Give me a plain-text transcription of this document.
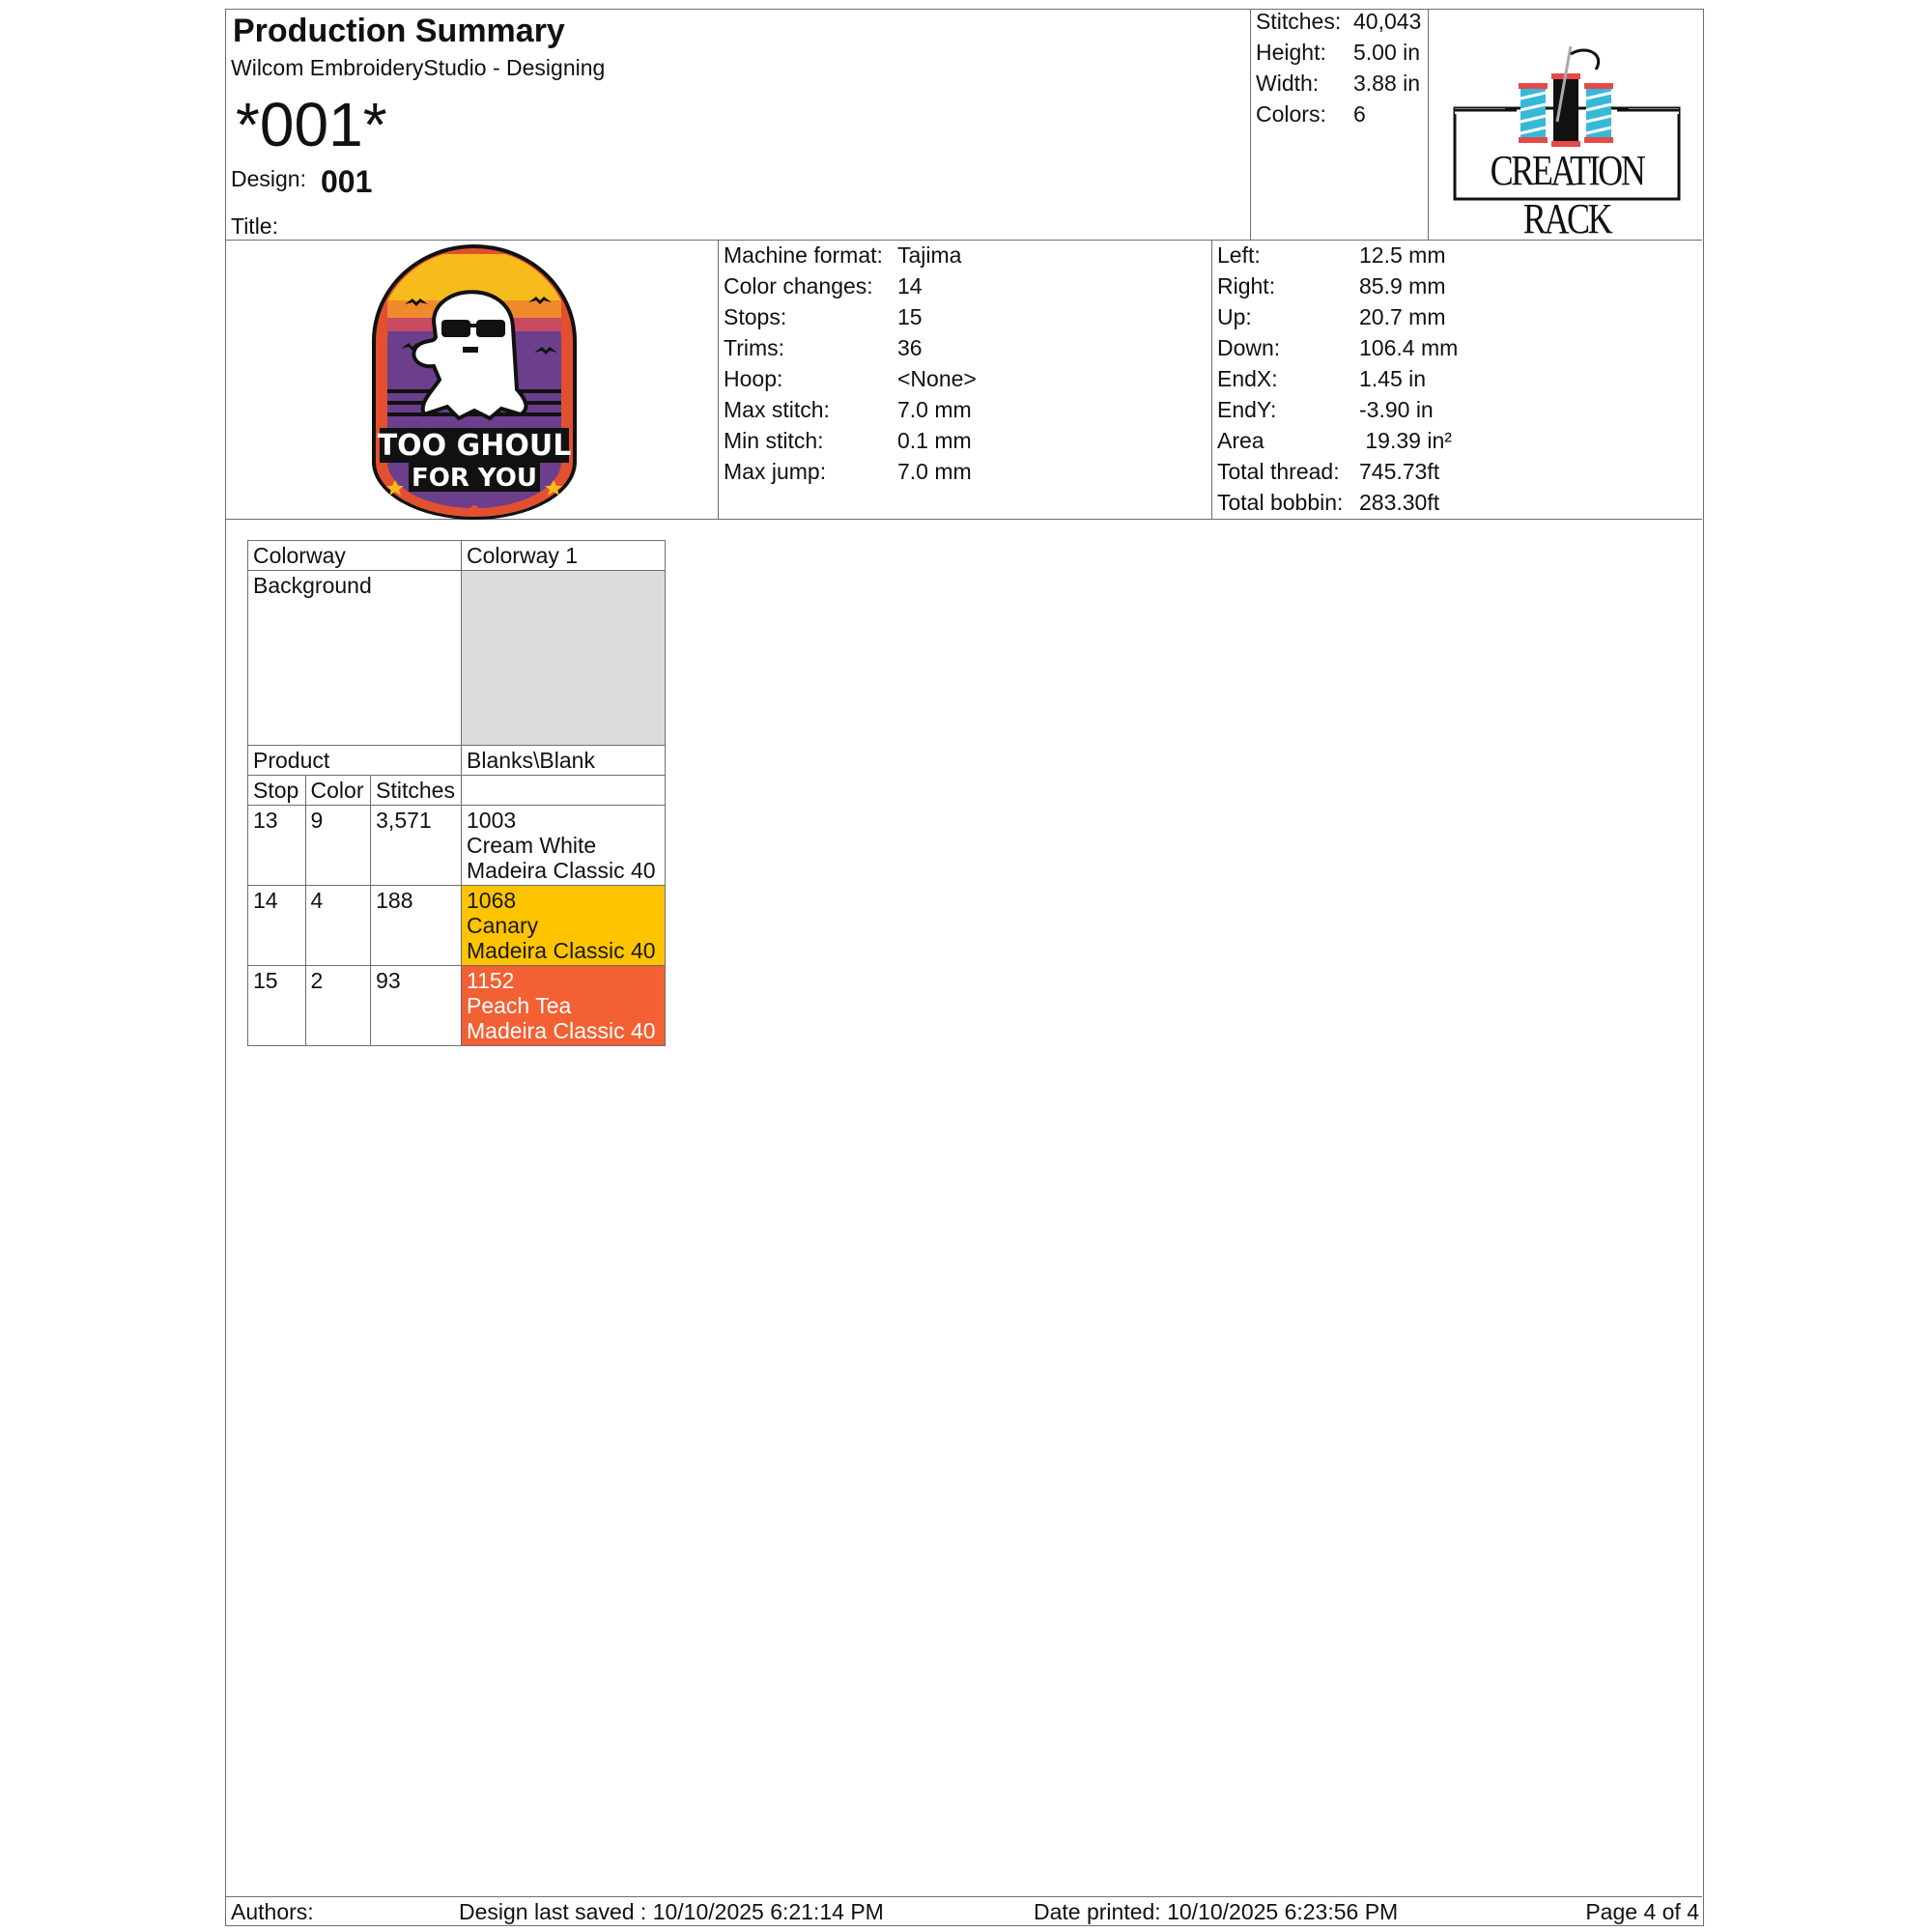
Production Summary
Wilcom EmbroideryStudio - Designing
*001*
Design: 001
Title:
Stitches: 40,043
Height:	5.00 in
Width:	3.88 in
Colors:	6
CREATION RACK
TOO GHOUL
FOR YOU
Machine format: Tajima
Color changes:	14
Stops:	15
Trims:	36
Hoop:	<None>
Max stitch:	7.0 mm
Min stitch:	0.1 mm
Max jump:	7.0 mm
Left:	12.5 mm
Right:	85.9 mm
Up:	20.7 mm
Down:	106.4 mm
EndX:	1.45 in
EndY:	-3.90 in
Area	19.39 in²
Total thread: 745.73ft
Total bobbin: 283.30ft
Colorway			Colorway 1
Background			
Product			Blanks\Blank
Stop	Color	Stitches	
13	9	3,571	1003
Cream White
Madeira Classic 40

14	4	188	1068
Canary
Madeira Classic 40

15	2	93	1152
Peach Tea
Madeira Classic 40
Authors:	Design last saved : 10/10/2025 6:21:14 PM	Date printed: 10/10/2025 6:23:56 PM	Page 4 of 4
